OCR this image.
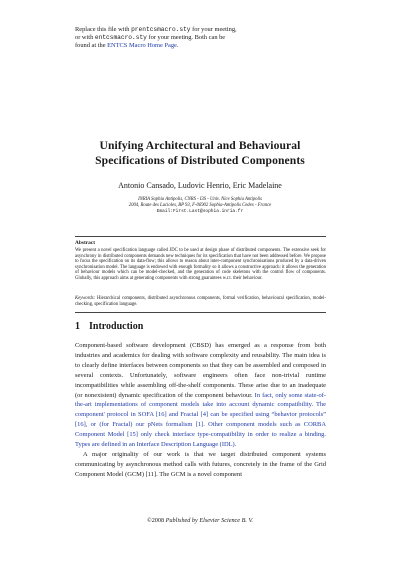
Replace this file with prentcsmacro.sty for your meeting,
or with entcsmacro.sty for your meeting. Both can be
found at the ENTCS Macro Home Page.
Unifying Architectural and Behavioural
Specifications of Distributed Components
Antonio Cansado, Ludovic Henrio, Eric Madelaine
INRIA Sophia Antipolis, CNRS - I3S - Univ. Nice Sophia Antipolis
2004, Route des Lucioles, BP 93, F-06902 Sophia-Antipolis Cedex - France
Email:First.Last@sophia.inria.fr
Abstract
We present a novel specification language called JDC to be used at design phase of distributed components. The extensive seek for asynchrony in distributed components demands new techniques for its specification that have not been addressed before. We propose to focus the specification on its data-flow; this allows to reason about inter-component synchronisations produced by a data-driven synchronisation model. The language is endowed with enough formality so it allows a constructive approach: it allows the generation of behaviour models which can be model-checked, and the generation of code skeletons with the control flow of components. Globally, this approach aims at generating components with strong guarantees w.r.t. their behaviour.
Keywords: Hierarchical components, distributed asynchronous components, formal verification, behavioural specification, model-checking, specification language.
1 Introduction

Component-based software development (CBSD) has emerged as a response from both industries and academics for dealing with software complexity and reusability. The main idea is to clearly define interfaces between components so that they can be assembled and composed in several contexts. Unfortunately, software engineers often face non-trivial runtime incompatibilities while assembling off-the-shelf components. These arise due to an inadequate (or nonexistent) dynamic specification of the component behaviour. In fact, only some state-of-the-art implementations of component models take into account dynamic compatibility. The component' protocol in SOFA [16] and Fractal [4] can be specified using “behavior protocols” [16], or (for Fractal) our pNets formalism [1]. Other component models such as CORBA Component Model [15] only check interface type-compatibility in order to realize a binding. Types are defined in an Interface Description Language (IDL).

A major originality of our work is that we target distributed component systems communicating by asynchronous method calls with futures, concretely in the frame of the Grid Component Model (GCM) [11]. The GCM is a novel component

©2008 Published by Elsevier Science B. V.
